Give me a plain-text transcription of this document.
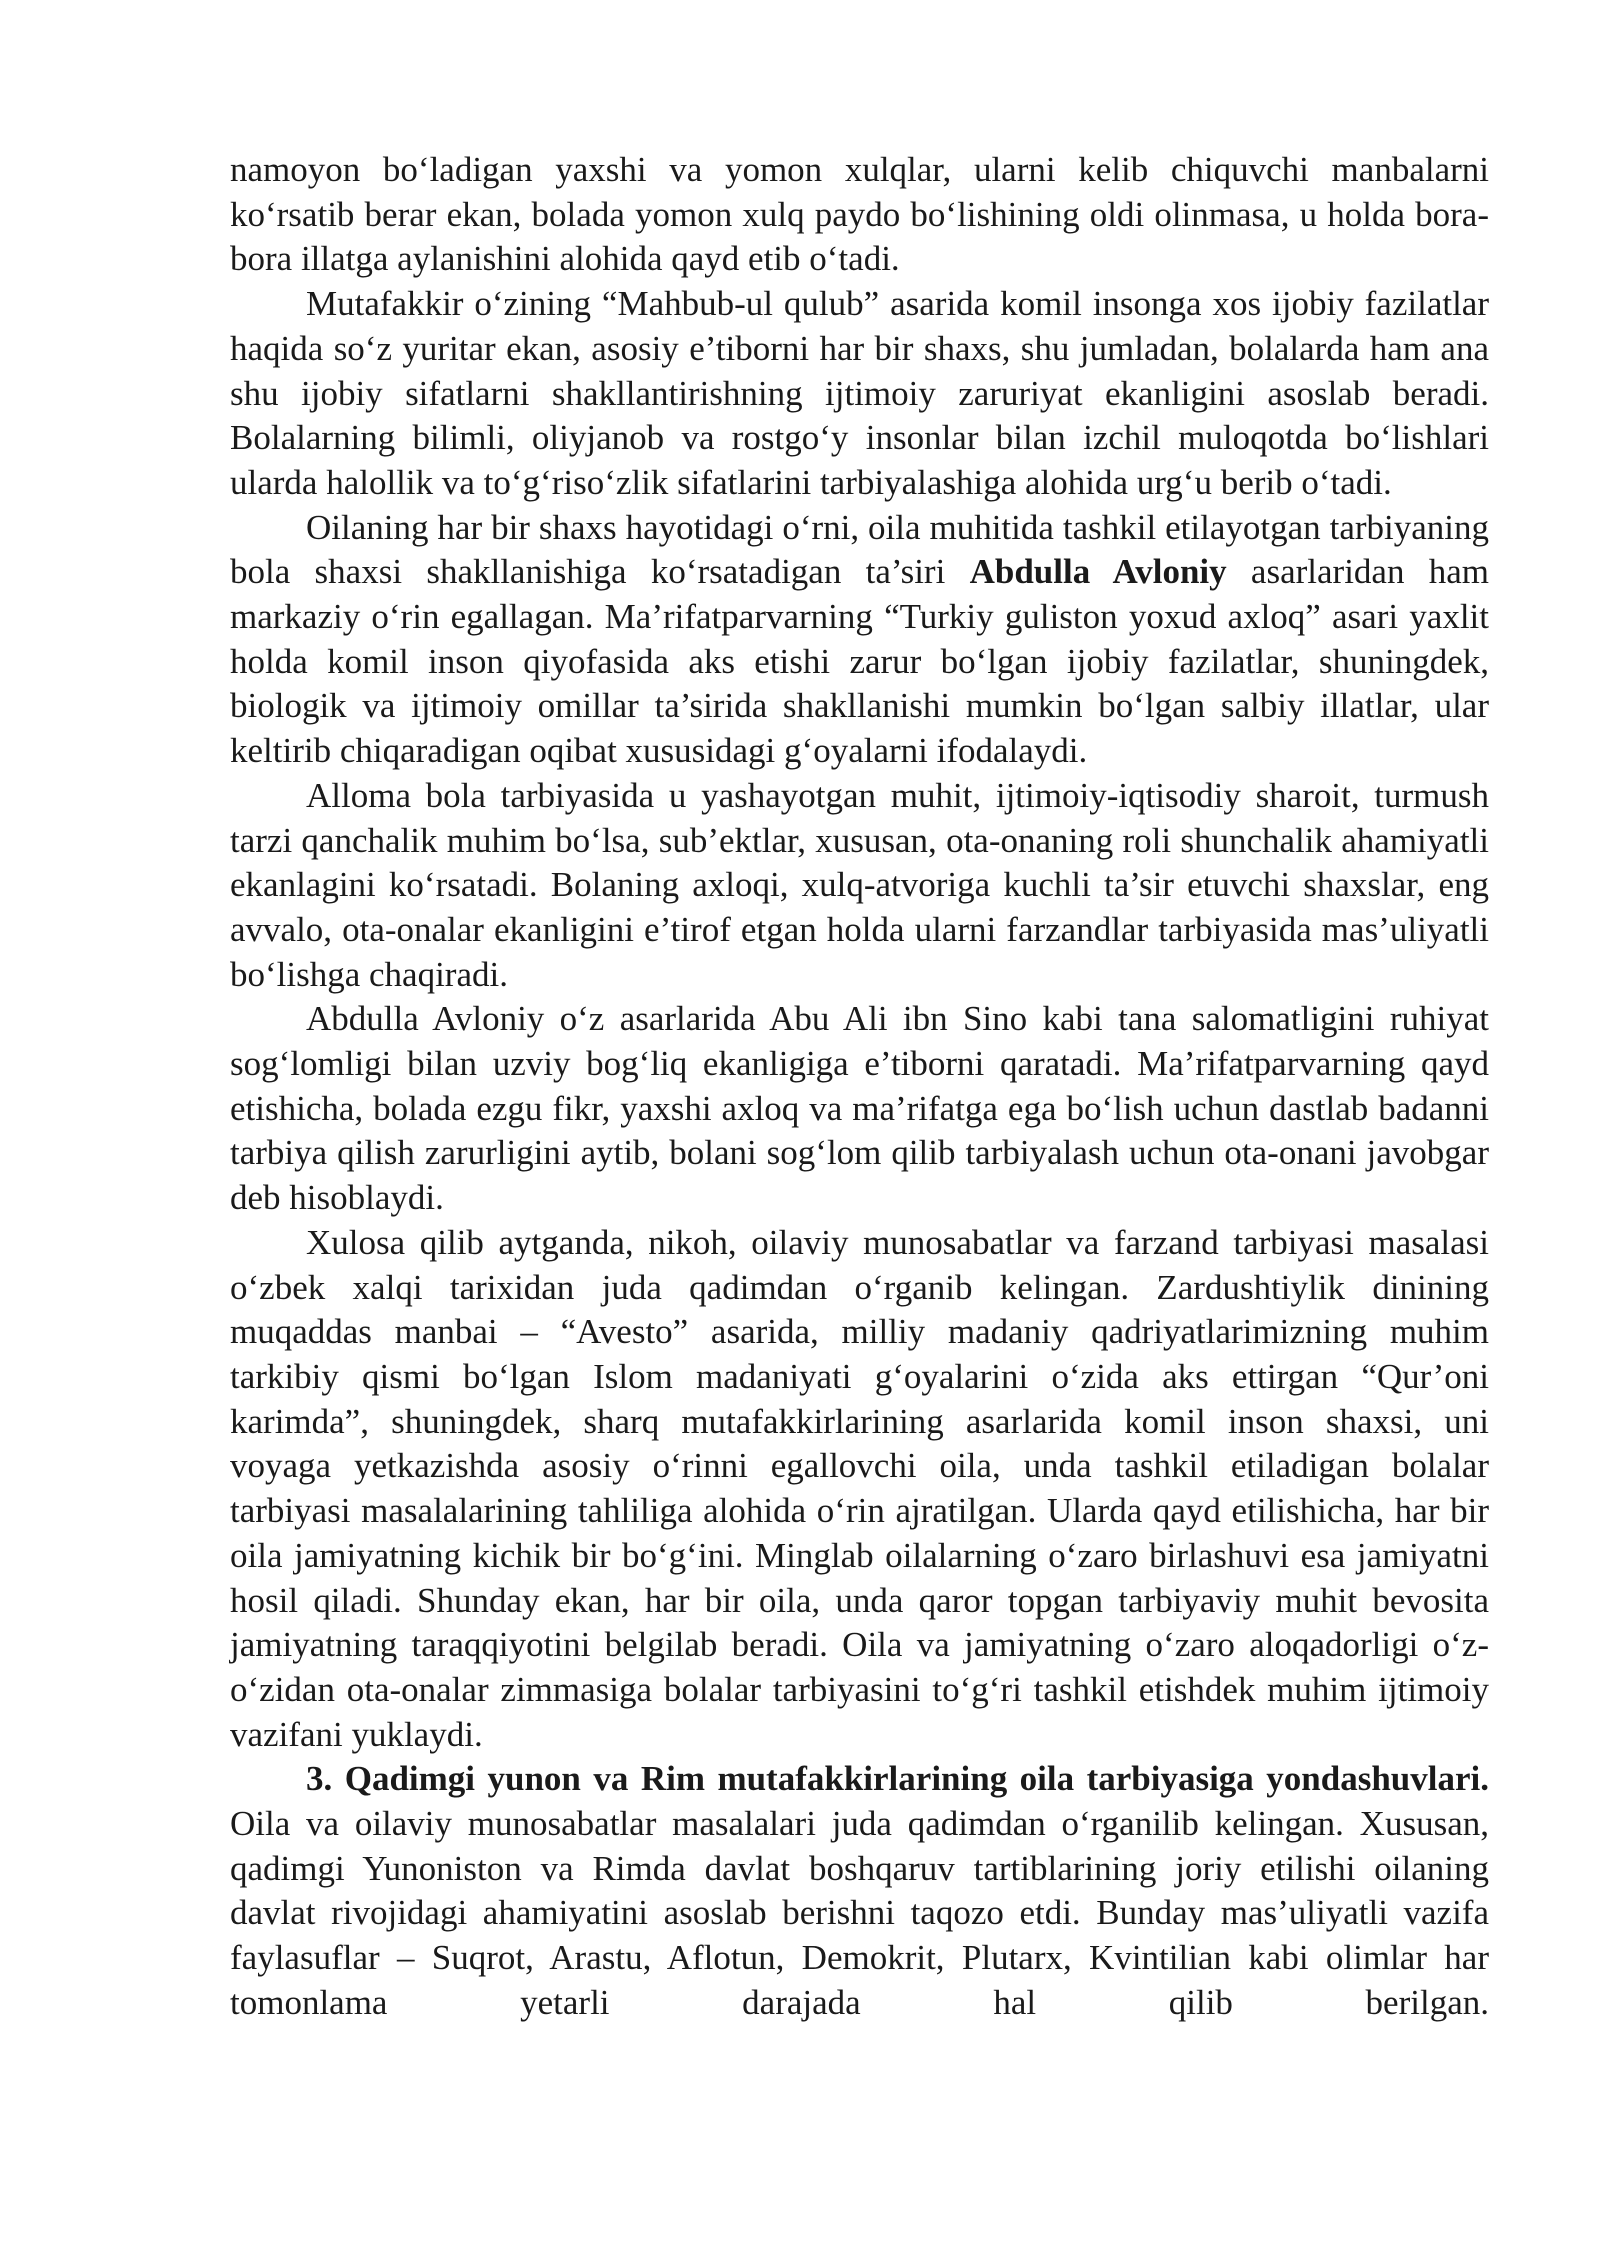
namoyon bo‘ladigan yaxshi va yomon xulqlar, ularni kelib chiquvchi manbalarni ko‘rsatib berar ekan, bolada yomon xulq paydo bo‘lishining oldi olinmasa, u holda bora-bora illatga aylanishini alohida qayd etib o‘tadi.

Mutafakkir o‘zining “Mahbub-ul qulub” asarida komil insonga xos ijobiy fazilatlar haqida so‘z yuritar ekan, asosiy e’tiborni har bir shaxs, shu jumladan, bolalarda ham ana shu ijobiy sifatlarni shakllantirishning ijtimoiy zaruriyat ekanligini asoslab beradi. Bolalarning bilimli, oliyjanob va rostgo‘y insonlar bilan izchil muloqotda bo‘lishlari ularda halollik va to‘g‘riso‘zlik sifatlarini tarbiyalashiga alohida urg‘u berib o‘tadi.

Oilaning har bir shaxs hayotidagi o‘rni, oila muhitida tashkil etilayotgan tarbiyaning bola shaxsi shakllanishiga ko‘rsatadigan ta’siri Abdulla Avloniy asarlaridan ham markaziy o‘rin egallagan. Ma’rifatparvarning “Turkiy guliston yoxud axloq” asari yaxlit holda komil inson qiyofasida aks etishi zarur bo‘lgan ijobiy fazilatlar, shuningdek, biologik va ijtimoiy omillar ta’sirida shakllanishi mumkin bo‘lgan salbiy illatlar, ular keltirib chiqaradigan oqibat xususidagi g‘oyalarni ifodalaydi.

Alloma bola tarbiyasida u yashayotgan muhit, ijtimoiy-iqtisodiy sharoit, turmush tarzi qanchalik muhim bo‘lsa, sub’ektlar, xususan, ota-onaning roli shunchalik ahamiyatli ekanlagini ko‘rsatadi. Bolaning axloqi, xulq-atvoriga kuchli ta’sir etuvchi shaxslar, eng avvalo, ota-onalar ekanligini e’tirof etgan holda ularni farzandlar tarbiyasida mas’uliyatli bo‘lishga chaqiradi.

Abdulla Avloniy o‘z asarlarida Abu Ali ibn Sino kabi tana salomatligini ruhiyat sog‘lomligi bilan uzviy bog‘liq ekanligiga e’tiborni qaratadi. Ma’rifatparvarning qayd etishicha, bolada ezgu fikr, yaxshi axloq va ma’rifatga ega bo‘lish uchun dastlab badanni tarbiya qilish zarurligini aytib, bolani sog‘lom qilib tarbiyalash uchun ota-onani javobgar deb hisoblaydi.

Xulosa qilib aytganda, nikoh, oilaviy munosabatlar va farzand tarbiyasi masalasi o‘zbek xalqi tarixidan juda qadimdan o‘rganib kelingan. Zardushtiylik dinining muqaddas manbai – “Avesto” asarida, milliy madaniy qadriyatlarimizning muhim tarkibiy qismi bo‘lgan Islom madaniyati g‘oyalarini o‘zida aks ettirgan “Qur’oni karimda”, shuningdek, sharq mutafakkirlarining asarlarida komil inson shaxsi, uni voyaga yetkazishda asosiy o‘rinni egallovchi oila, unda tashkil etiladigan bolalar tarbiyasi masalalarining tahliliga alohida o‘rin ajratilgan. Ularda qayd etilishicha, har bir oila jamiyatning kichik bir bo‘g‘ini. Minglab oilalarning o‘zaro birlashuvi esa jamiyatni hosil qiladi. Shunday ekan, har bir oila, unda qaror topgan tarbiyaviy muhit bevosita jamiyatning taraqqiyotini belgilab beradi. Oila va jamiyatning o‘zaro aloqadorligi o‘z-o‘zidan ota-onalar zimmasiga bolalar tarbiyasini to‘g‘ri tashkil etishdek muhim ijtimoiy vazifani yuklaydi.

3. Qadimgi yunon va Rim mutafakkirlarining oila tarbiyasiga yondashuvlari. Oila va oilaviy munosabatlar masalalari juda qadimdan o‘rganilib kelingan. Xususan, qadimgi Yunoniston va Rimda davlat boshqaruv tartiblarining joriy etilishi oilaning davlat rivojidagi ahamiyatini asoslab berishni taqozo etdi. Bunday mas’uliyatli vazifa faylasuflar – Suqrot, Arastu, Aflotun, Demokrit, Plutarx, Kvintilian kabi olimlar har tomonlama yetarli darajada hal qilib berilgan.
